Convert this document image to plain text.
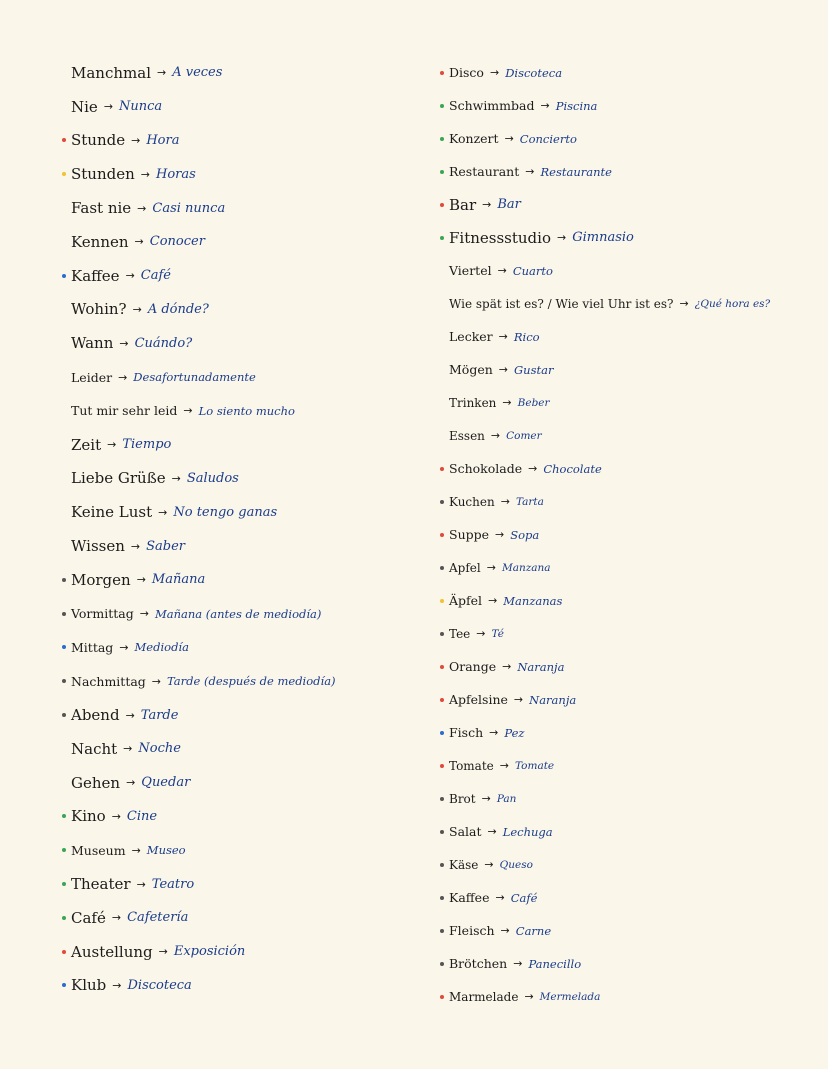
Manchmal → A veces
Nie → Nunca
Stunde → Hora
Stunden → Horas
Fast nie → Casi nunca
Kennen → Conocer
Kaffee → Café
Wohin? → A dónde?
Wann → Cuándo?
Leider → Desafortunadamente
Tut mir sehr leid → Lo siento mucho
Zeit → Tiempo
Liebe Grüße → Saludos
Keine Lust → No tengo ganas
Wissen → Saber
Morgen → Mañana
Vormittag → Mañana (antes de mediodía)
Mittag → Mediodía
Nachmittag → Tarde (después de mediodía)
Abend → Tarde
Nacht → Noche
Gehen → Quedar
Kino → Cine
Museum → Museo
Theater → Teatro
Café → Cafetería
Austellung → Exposición
Klub → Discoteca
Disco → Discoteca
Schwimmbad → Piscina
Konzert → Concierto
Restaurant → Restaurante
Bar → Bar
Fitnessstudio → Gimnasio
Viertel → Cuarto
Wie spät ist es? / Wie viel Uhr ist es? → ¿Qué hora es?
Lecker → Rico
Mögen → Gustar
Trinken → Beber
Essen → Comer
Schokolade → Chocolate
Kuchen → Tarta
Suppe → Sopa
Apfel → Manzana
Äpfel → Manzanas
Tee → Té
Orange → Naranja
Apfelsine → Naranja
Fisch → Pez
Tomate → Tomate
Brot → Pan
Salat → Lechuga
Käse → Queso
Kaffee → Café
Fleisch → Carne
Brötchen → Panecillo
Marmelade → Mermelada
